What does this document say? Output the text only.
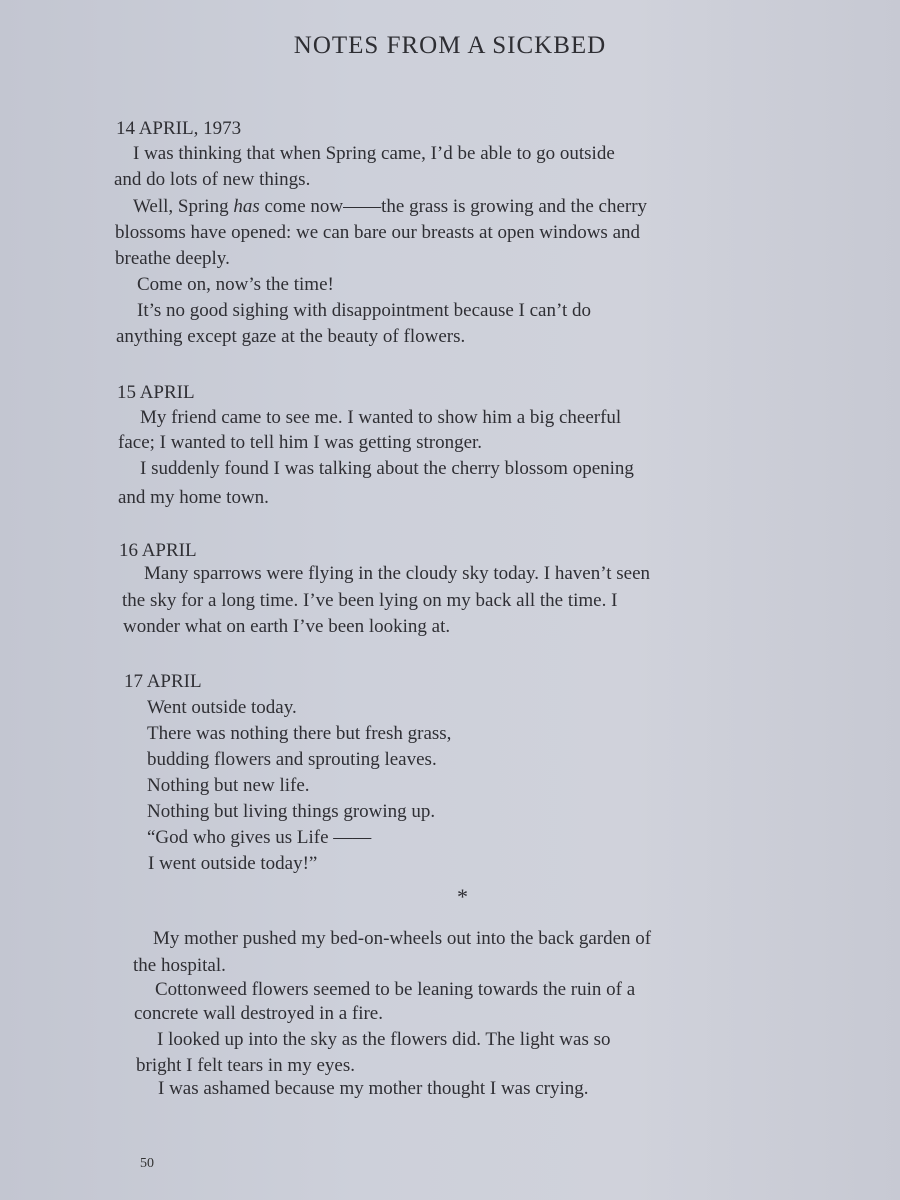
NOTES FROM A SICKBED
14 APRIL, 1973
I was thinking that when Spring came, I’d be able to go outside
and do lots of new things.
Well, Spring has come now——the grass is growing and the cherry
blossoms have opened: we can bare our breasts at open windows and
breathe deeply.
Come on, now’s the time!
It’s no good sighing with disappointment because I can’t do
anything except gaze at the beauty of flowers.
15 APRIL
My friend came to see me. I wanted to show him a big cheerful
face; I wanted to tell him I was getting stronger.
I suddenly found I was talking about the cherry blossom opening
and my home town.
16 APRIL
Many sparrows were flying in the cloudy sky today. I haven’t seen
the sky for a long time. I’ve been lying on my back all the time. I
wonder what on earth I’ve been looking at.
17 APRIL
Went outside today.
There was nothing there but fresh grass,
budding flowers and sprouting leaves.
Nothing but new life.
Nothing but living things growing up.
“God who gives us Life ——
I went outside today!”
*
My mother pushed my bed-on-wheels out into the back garden of
the hospital.
Cottonweed flowers seemed to be leaning towards the ruin of a
concrete wall destroyed in a fire.
I looked up into the sky as the flowers did. The light was so
bright I felt tears in my eyes.
I was ashamed because my mother thought I was crying.
50
